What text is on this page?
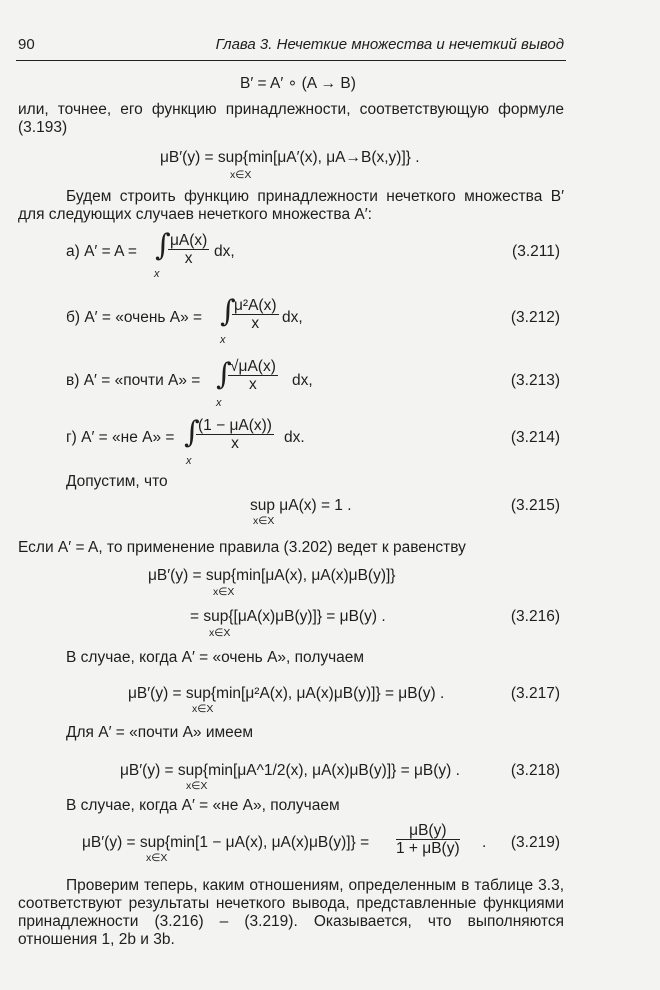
90	Глава 3. Нечеткие множества и нечеткий вывод
B′ = A′ ∘ (A → B)
или, точнее, его функцию принадлежности, соответствующую формуле (3.193)
μB′(y) = sup{min[μA′(x), μA→B(x,y)]} .
x∈X
Будем строить функцию принадлежности нечеткого множества B′ для следующих случаев нечеткого множества A′:
а) A′ = A = ∫
x
$\frac{\mu A(x)}{x}$ dx,	(3.211)
б) A′ = «очень A» = ∫
x
$\frac{\text{μ²A(x)}}{x}$ dx,	(3.212)
в) A′ = «почти A» = ∫
x
$\frac{√\mu A(x)}{x}$ dx,	(3.213)
г) A′ = «не A» = ∫
x
$\frac{(1 - \mu A(x))}{x}$ dx.	(3.214)
Допустим, что
sup μA(x) = 1 .
x∈X
(3.215)
Если A′ = A, то применение правила (3.202) ведет к равенству
μB′(y) = sup{min[μA(x), μA(x)μB(y)]}
x∈X
= sup{[μA(x)μB(y)]} = μB(y) .
x∈X
(3.216)
В случае, когда A′ = «очень A», получаем
μB′(y) = sup{min[μ²A(x), μA(x)μB(y)]} = μB(y) .
x∈X
(3.217)
Для A′ = «почти A» имеем
μB′(y) = sup{min[μA^1/2(x), μA(x)μB(y)]} = μB(y) .
x∈X
(3.218)
В случае, когда A′ = «не A», получаем
μB′(y) = sup{min[1 − μA(x), μA(x)μB(y)]} =
x∈X
$\frac{\mu B(y)}{1 + \mu B(y)}$ .	(3.219)
Проверим теперь, каким отношениям, определенным в таблице 3.3, соответствуют результаты нечеткого вывода, представленные функциями принадлежности (3.216) – (3.219). Оказывается, что выполняются отношения 1, 2b и 3b.
